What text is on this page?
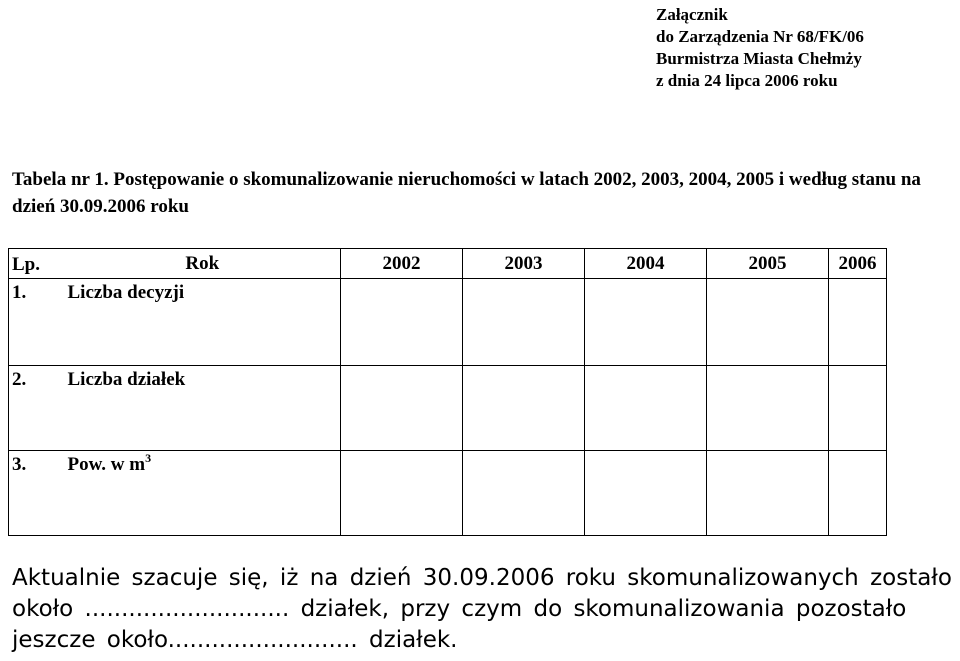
Załącznik
do Zarządzenia Nr 68/FK/06
Burmistrza Miasta Chełmży
z dnia 24 lipca 2006 roku
Tabela nr 1. Postępowanie o skomunalizowanie nieruchomości w latach 2002, 2003, 2004, 2005 i według stanu na dzień 30.09.2006 roku
Lp.	Rok	2002	2003	2004	2005	2006
1.	Liczba decyzji					
2.	Liczba działek					
3.	Pow. w $m^3$					
Aktualnie szacuje się, iż na dzień 30.09.2006 roku skomunalizowanych zostało
około ............................ działek, przy czym do skomunalizowania pozostało
jeszcze około.......................... działek.
